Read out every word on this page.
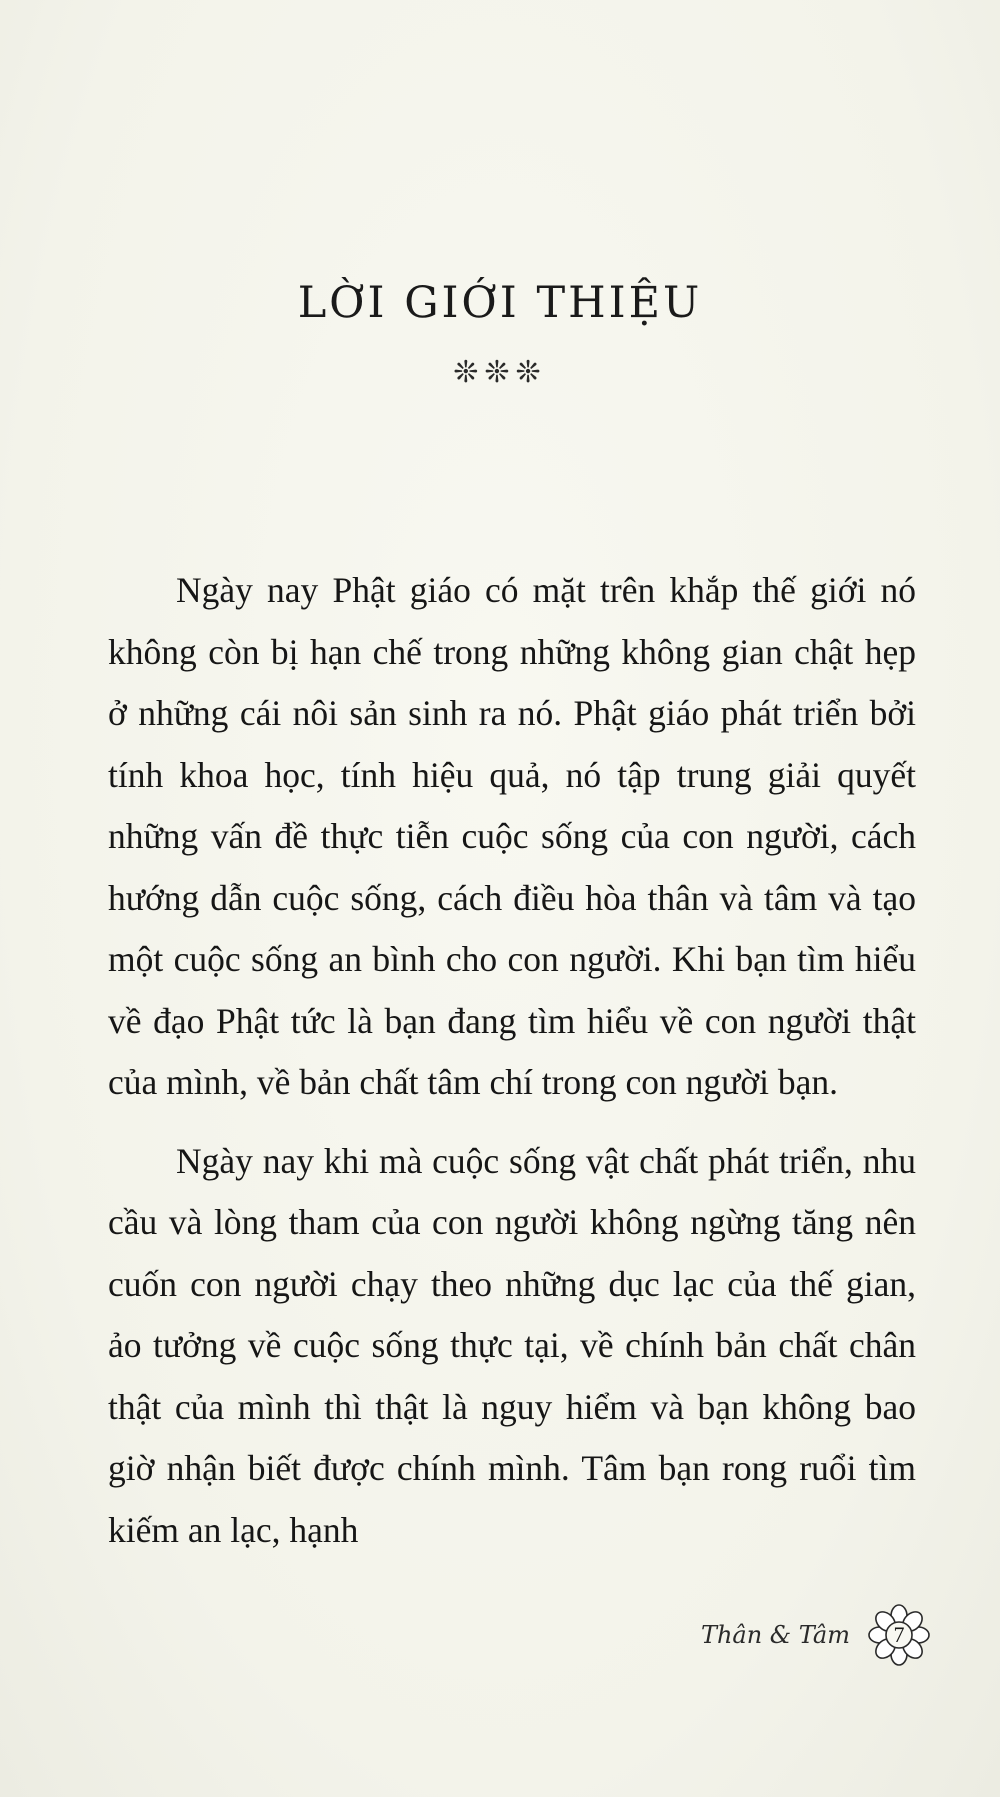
LỜI GIỚI THIỆU
❊❊❊

Ngày nay Phật giáo có mặt trên khắp thế giới nó không còn bị hạn chế trong những không gian chật hẹp ở những cái nôi sản sinh ra nó. Phật giáo phát triển bởi tính khoa học, tính hiệu quả, nó tập trung giải quyết những vấn đề thực tiễn cuộc sống của con người, cách hướng dẫn cuộc sống, cách điều hòa thân và tâm và tạo một cuộc sống an bình cho con người. Khi bạn tìm hiểu về đạo Phật tức là bạn đang tìm hiểu về con người thật của mình, về bản chất tâm chí trong con người bạn.

Ngày nay khi mà cuộc sống vật chất phát triển, nhu cầu và lòng tham của con người không ngừng tăng nên cuốn con người chạy theo những dục lạc của thế gian, ảo tưởng về cuộc sống thực tại, về chính bản chất chân thật của mình thì thật là nguy hiểm và bạn không bao giờ nhận biết được chính mình. Tâm bạn rong ruổi tìm kiếm an lạc, hạnh

Thân & Tâm	7
